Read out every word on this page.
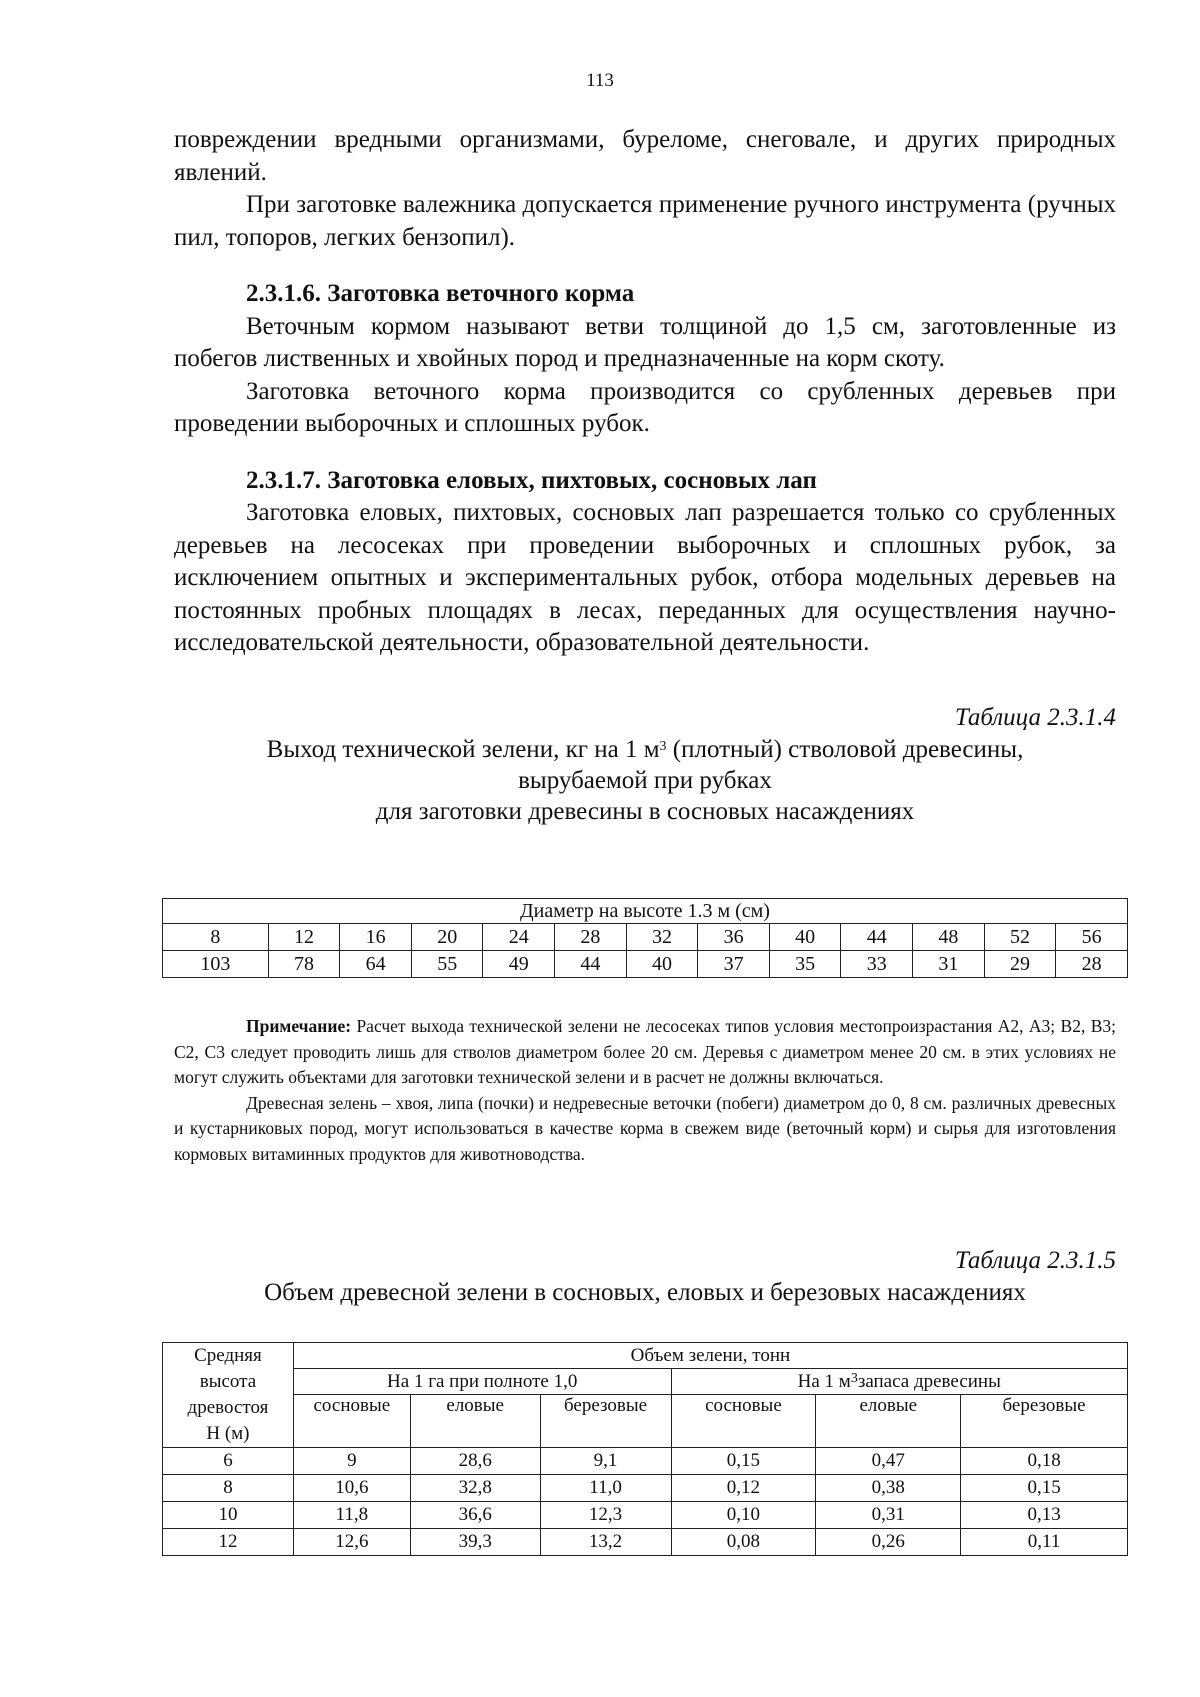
113

повреждении вредными организмами, буреломе, снеговале, и других природных явлений.

При заготовке валежника допускается применение ручного инструмента (ручных пил, топоров, легких бензопил).

2.3.1.6. Заготовка веточного корма

Веточным кормом называют ветви толщиной до 1,5 см, заготовленные из побегов лиственных и хвойных пород и предназначенные на корм скоту.

Заготовка веточного корма производится со срубленных деревьев при проведении выборочных и сплошных рубок.

2.3.1.7. Заготовка еловых, пихтовых, сосновых лап

Заготовка еловых, пихтовых, сосновых лап разрешается только со срубленных деревьев на лесосеках при проведении выборочных и сплошных рубок, за исключением опытных и экспериментальных рубок, отбора модельных деревьев на постоянных пробных площадях в лесах, переданных для осуществления научно-исследовательской деятельности, образовательной деятельности.

Таблица 2.3.1.4

Выход технической зелени, кг на 1 $м^3$ (плотный) стволовой древесины,

вырубаемой при рубках

для заготовки древесины в сосновых насаждениях

Диаметр на высоте 1.3 м (см)												
8	12	16	20	24	28	32	36	40	44	48	52	56
103	78	64	55	49	44	40	37	35	33	31	29	28

Примечание: Расчет выхода технической зелени не лесосеках типов условия местопроизрастания А2, А3; В2, В3; С2, С3 следует проводить лишь для стволов диаметром более 20 см. Деревья с диаметром менее 20 см. в этих условиях не могут служить объектами для заготовки технической зелени и в расчет не должны включаться.

Древесная зелень – хвоя, липа (почки) и недревесные веточки (побеги) диаметром до 0, 8 см. различных древесных и кустарниковых пород, могут использоваться в качестве корма в свежем виде (веточный корм) и сырья для изготовления кормовых витаминных продуктов для животноводства.

Таблица 2.3.1.5

Объем древесной зелени в сосновых, еловых и березовых насаждениях

Средняя
высота
древостоя
Н (м)	Объем зелени, тонн					
	На 1 га при полноте 1,0			На 1 $м^3запаса$ древесины		
	сосновые	еловые	березовые	сосновые	еловые	березовые
6	9	28,6	9,1	0,15	0,47	0,18
8	10,6	32,8	11,0	0,12	0,38	0,15
10	11,8	36,6	12,3	0,10	0,31	0,13
12	12,6	39,3	13,2	0,08	0,26	0,11
